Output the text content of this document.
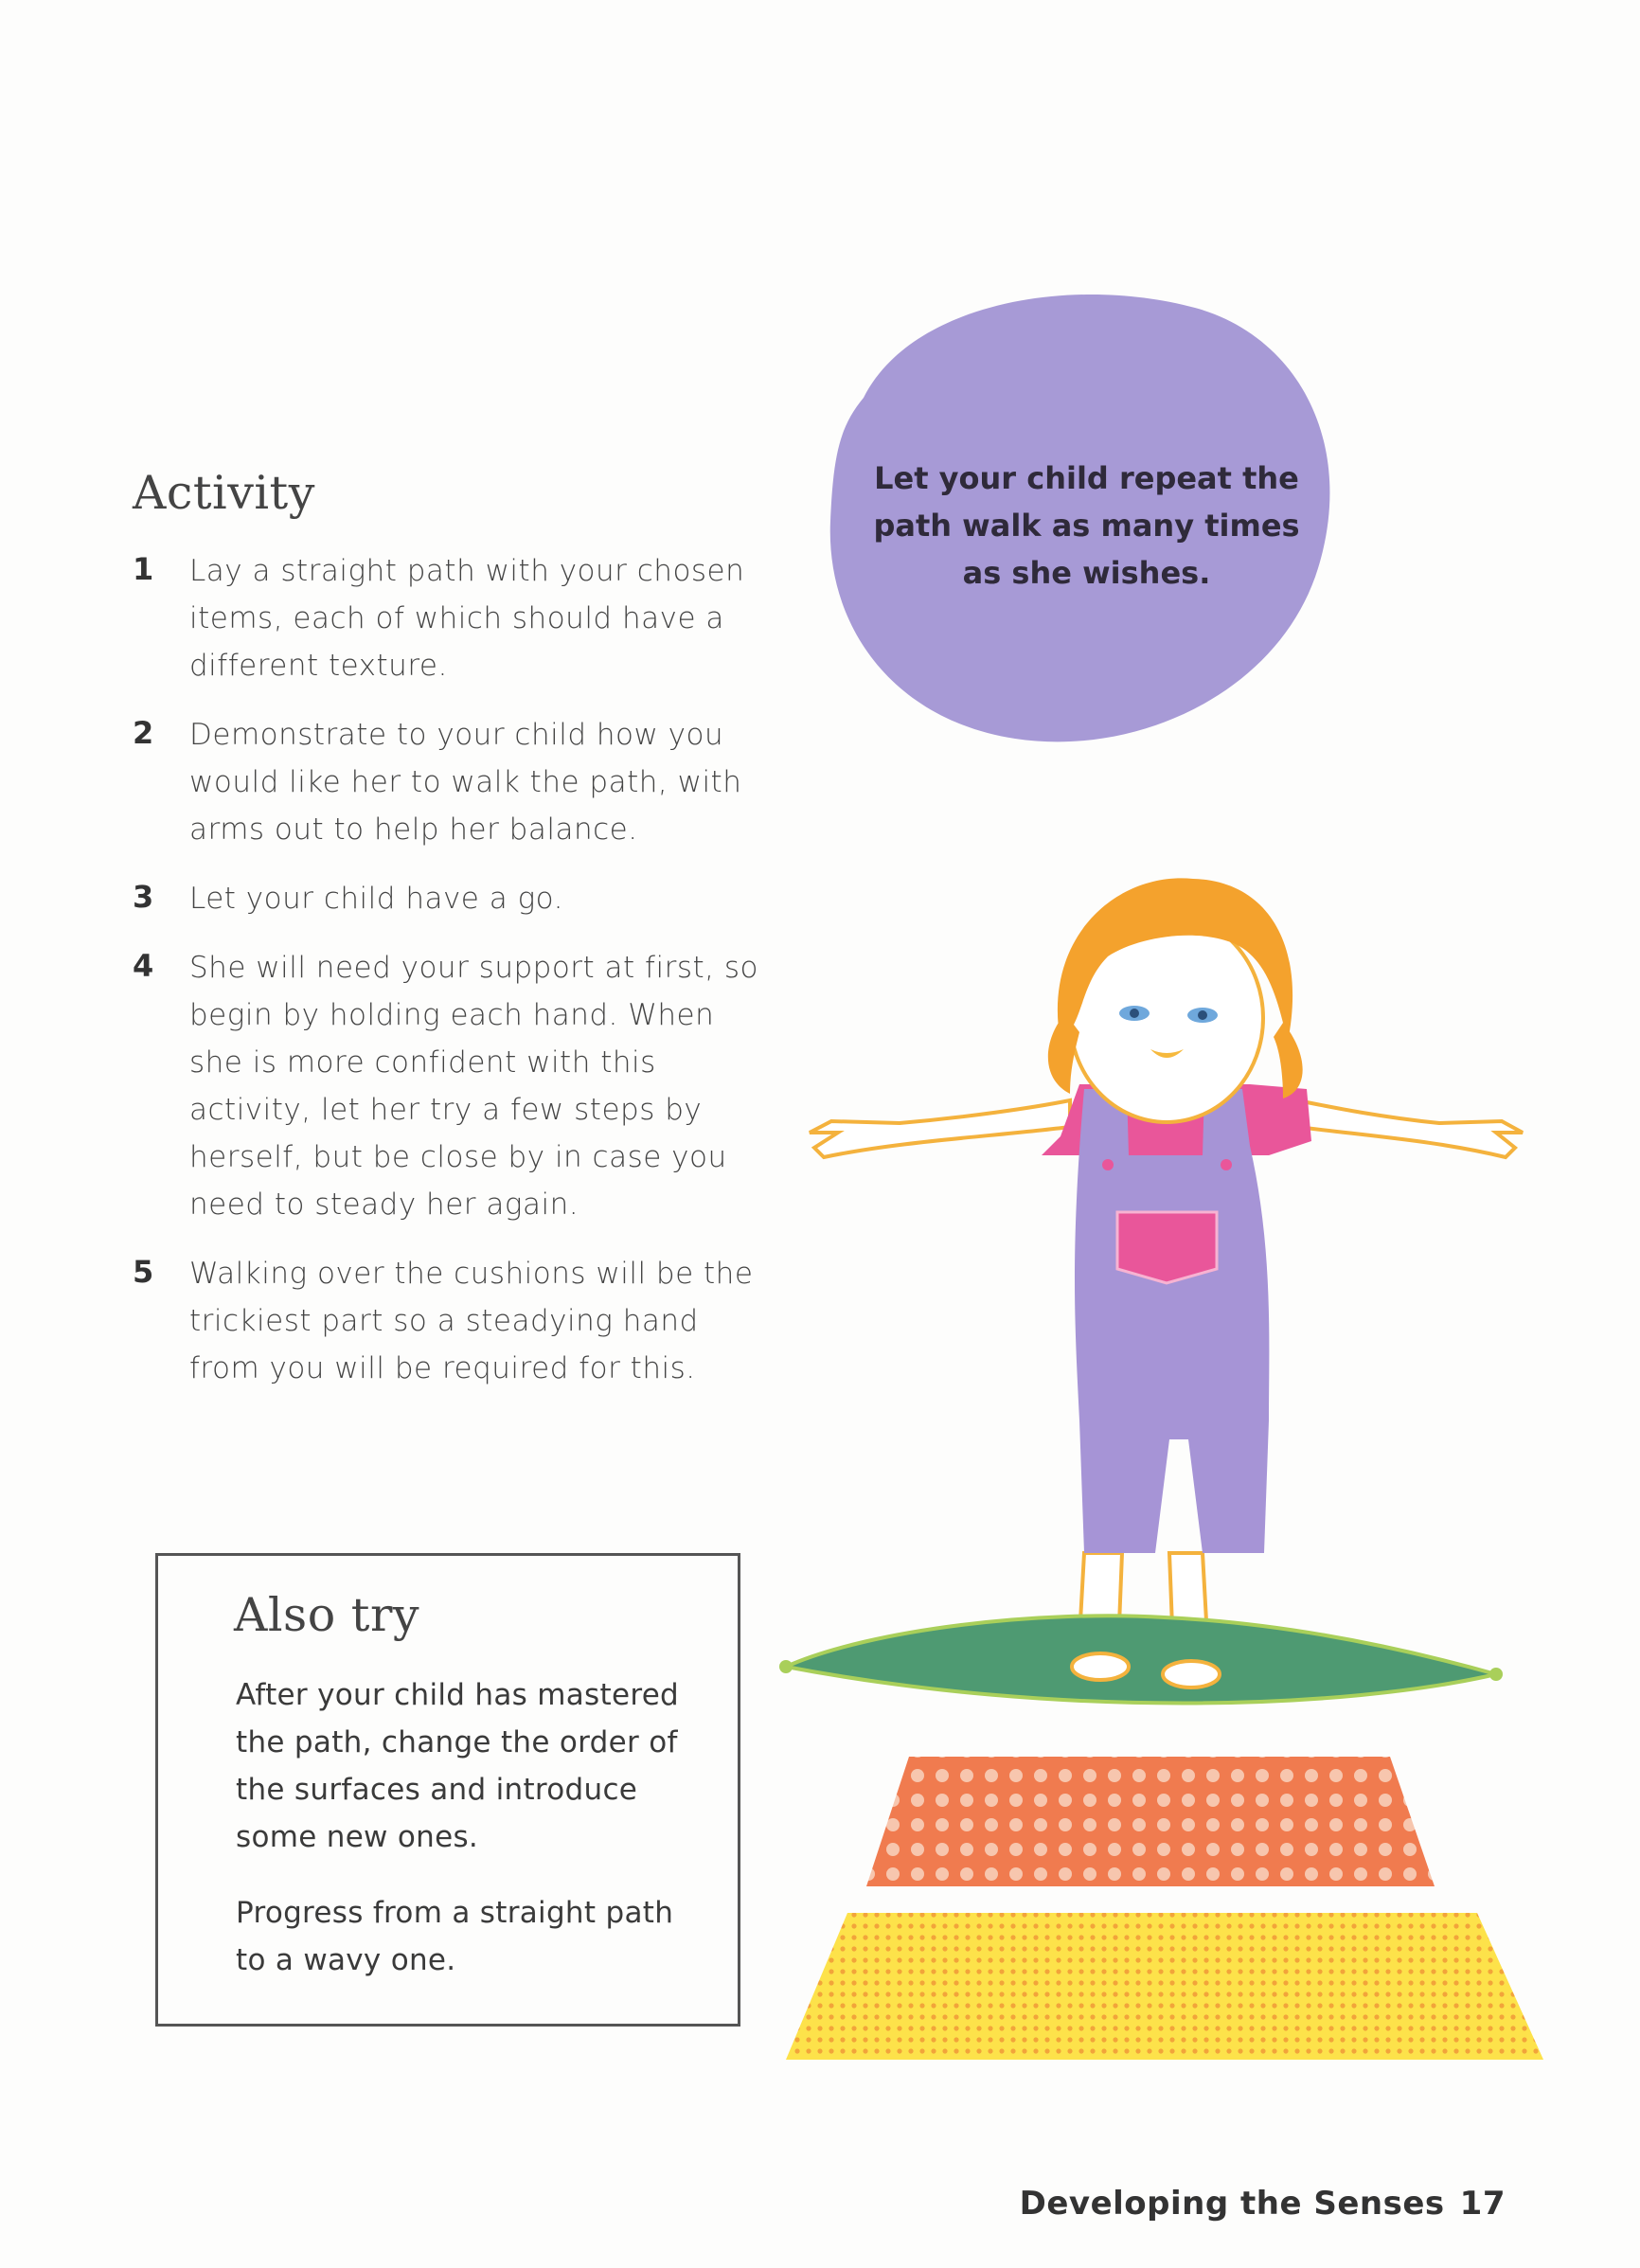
Activity
1 Lay a straight path with your chosen items, each of which should have a different texture.
2 Demonstrate to your child how you would like her to walk the path, with arms out to help her balance.
3 Let your child have a go.
4 She will need your support at first, so begin by holding each hand. When she is more confident with this activity, let her try a few steps by herself, but be close by in case you need to steady her again.
5 Walking over the cushions will be the trickiest part so a steadying hand from you will be required for this.
Also try

After your child has mastered the path, change the order of the surfaces and introduce some new ones.

Progress from a straight path to a wavy one.

Let your child repeat the path walk as many times as she wishes.
Developing the Senses 17
